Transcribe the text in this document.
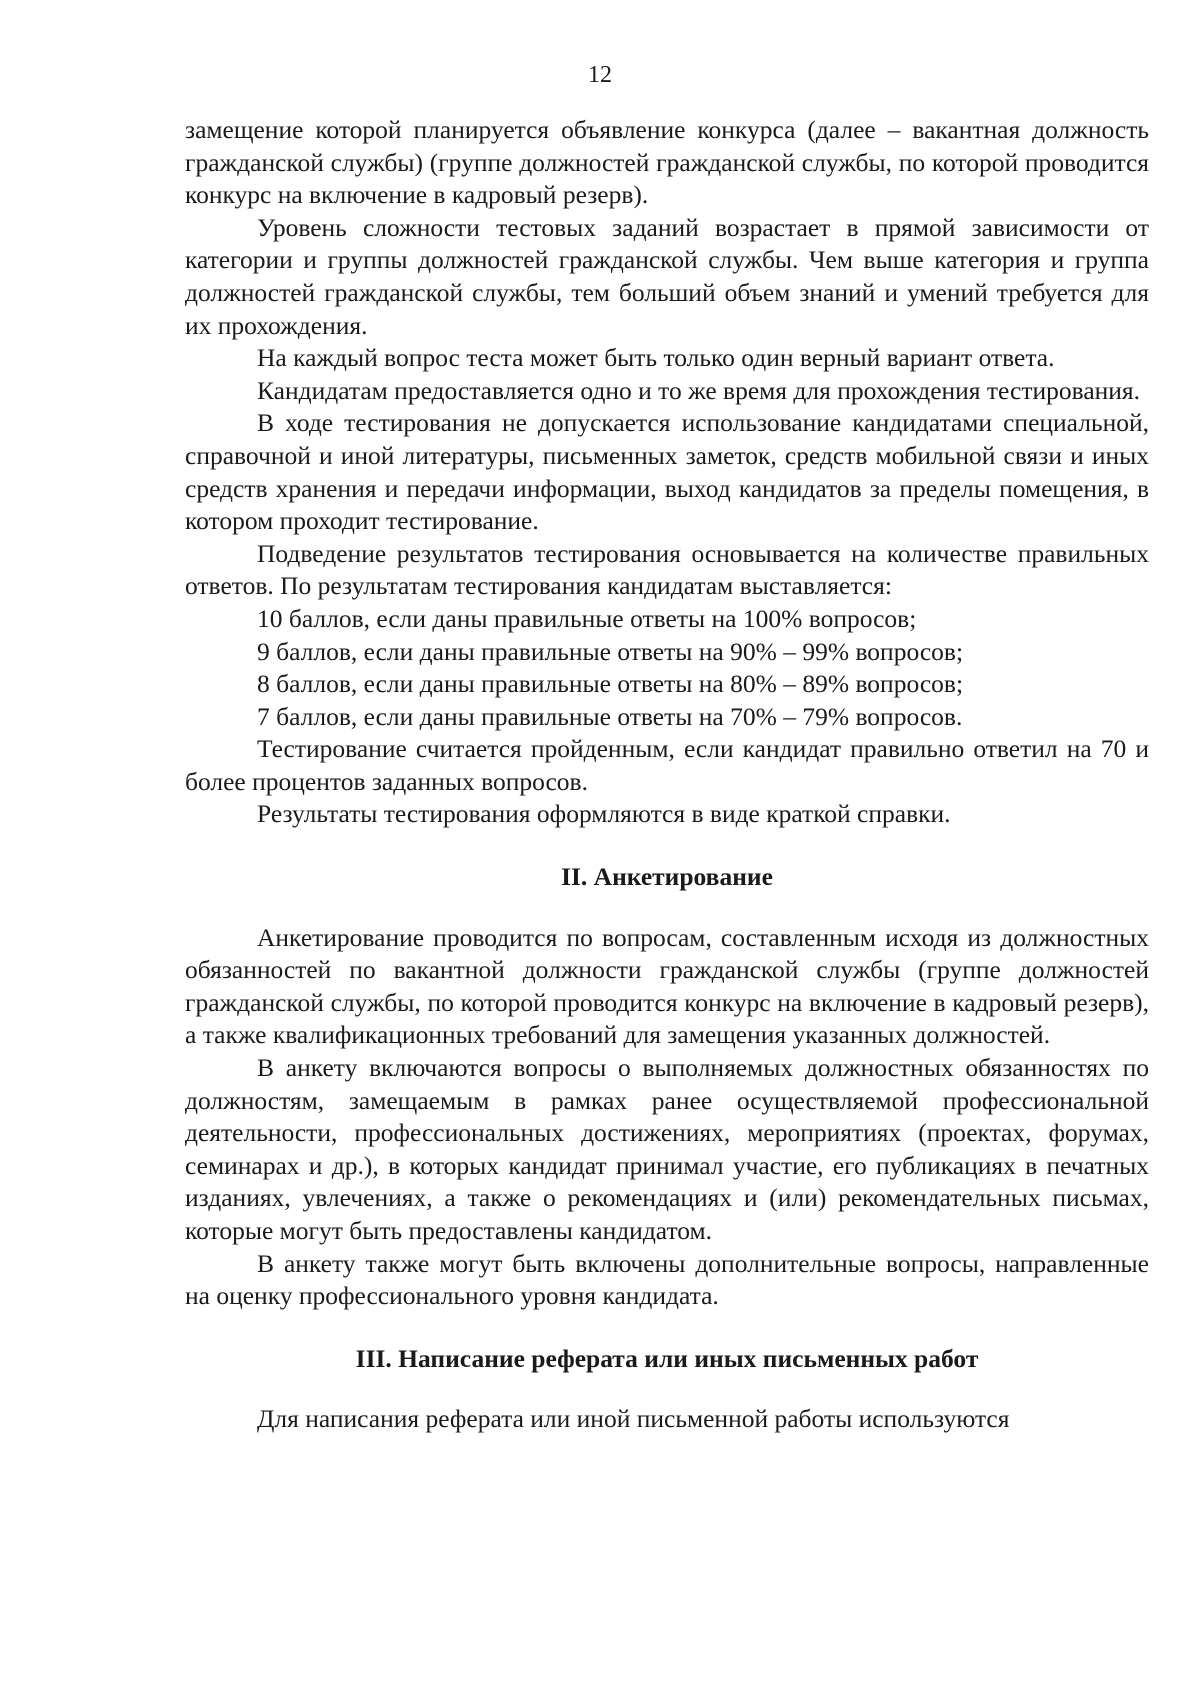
12

замещение которой планируется объявление конкурса (далее – вакантная должность гражданской службы) (группе должностей гражданской службы, по которой проводится конкурс на включение в кадровый резерв).

Уровень сложности тестовых заданий возрастает в прямой зависимости от категории и группы должностей гражданской службы. Чем выше категория и группа должностей гражданской службы, тем больший объем знаний и умений требуется для их прохождения.

На каждый вопрос теста может быть только один верный вариант ответа.

Кандидатам предоставляется одно и то же время для прохождения тестирования.

В ходе тестирования не допускается использование кандидатами специальной, справочной и иной литературы, письменных заметок, средств мобильной связи и иных средств хранения и передачи информации, выход кандидатов за пределы помещения, в котором проходит тестирование.

Подведение результатов тестирования основывается на количестве правильных ответов. По результатам тестирования кандидатам выставляется:

10 баллов, если даны правильные ответы на 100% вопросов;

9 баллов, если даны правильные ответы на 90% – 99% вопросов;

8 баллов, если даны правильные ответы на 80% – 89% вопросов;

7 баллов, если даны правильные ответы на 70% – 79% вопросов.

Тестирование считается пройденным, если кандидат правильно ответил на 70 и более процентов заданных вопросов.

Результаты тестирования оформляются в виде краткой справки.

II. Анкетирование

Анкетирование проводится по вопросам, составленным исходя из должностных обязанностей по вакантной должности гражданской службы (группе должностей гражданской службы, по которой проводится конкурс на включение в кадровый резерв), а также квалификационных требований для замещения указанных должностей.

В анкету включаются вопросы о выполняемых должностных обязанностях по должностям, замещаемым в рамках ранее осуществляемой профессиональной деятельности, профессиональных достижениях, мероприятиях (проектах, форумах, семинарах и др.), в которых кандидат принимал участие, его публикациях в печатных изданиях, увлечениях, а также о рекомендациях и (или) рекомендательных письмах, которые могут быть предоставлены кандидатом.

В анкету также могут быть включены дополнительные вопросы, направленные на оценку профессионального уровня кандидата.

III. Написание реферата или иных письменных работ

Для написания реферата или иной письменной работы используются
